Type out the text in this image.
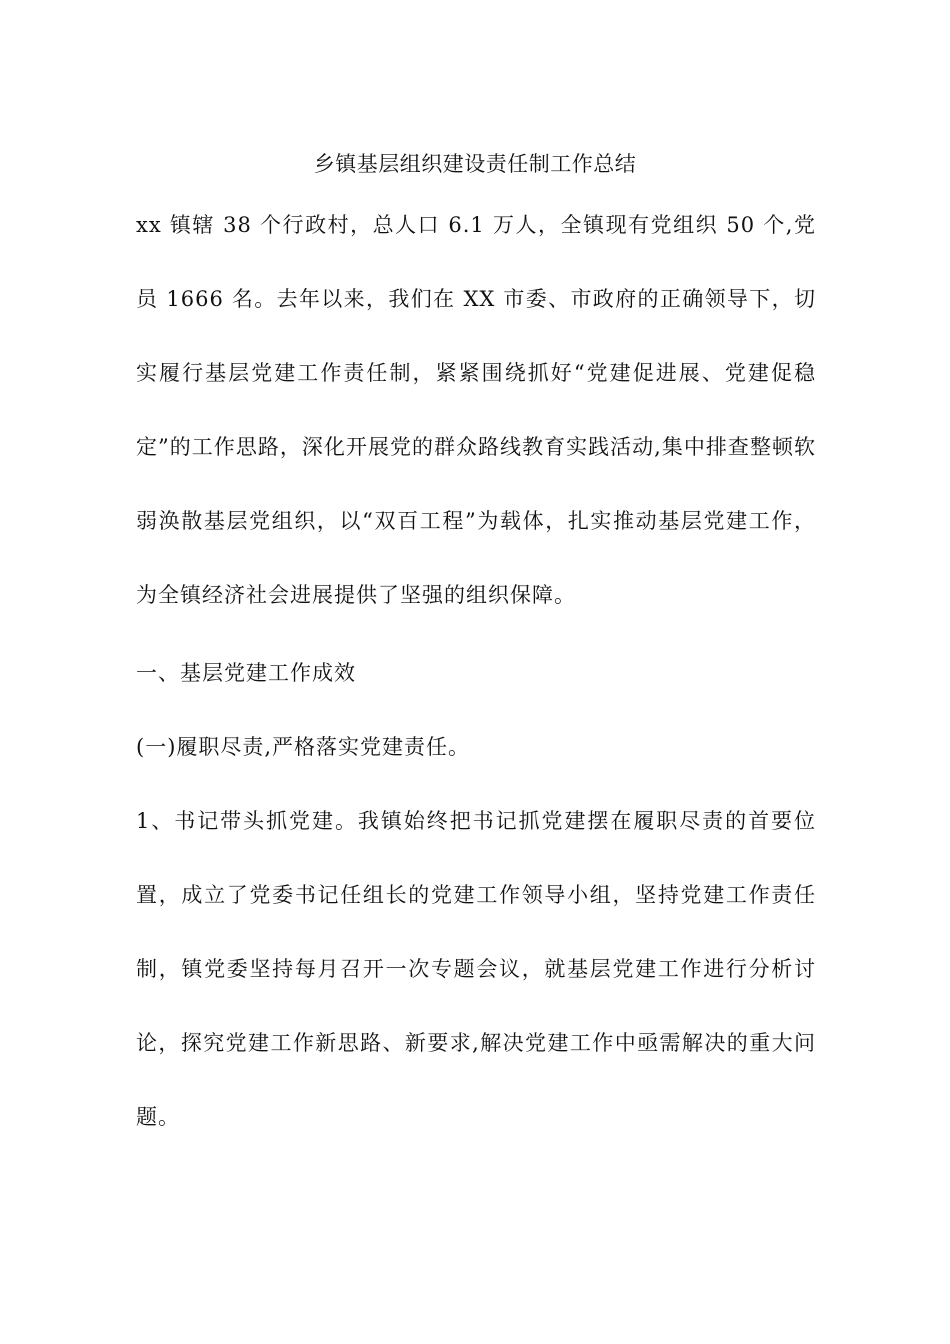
乡镇基层组织建设责任制工作总结
xx 镇辖 38 个行政村，总人口 6.1 万人，全镇现有党组织 50 个,党员 1666 名。去年以来，我们在 XX 市委、市政府的正确领导下，切实履行基层党建工作责任制，紧紧围绕抓好“党建促进展、党建促稳定”的工作思路，深化开展党的群众路线教育实践活动,集中排查整顿软弱涣散基层党组织，以“双百工程”为载体，扎实推动基层党建工作，为全镇经济社会进展提供了坚强的组织保障。
一、基层党建工作成效
(一)履职尽责,严格落实党建责任。
1、书记带头抓党建。我镇始终把书记抓党建摆在履职尽责的首要位置，成立了党委书记任组长的党建工作领导小组，坚持党建工作责任制，镇党委坚持每月召开一次专题会议，就基层党建工作进行分析讨论，探究党建工作新思路、新要求,解决党建工作中亟需解决的重大问题。
